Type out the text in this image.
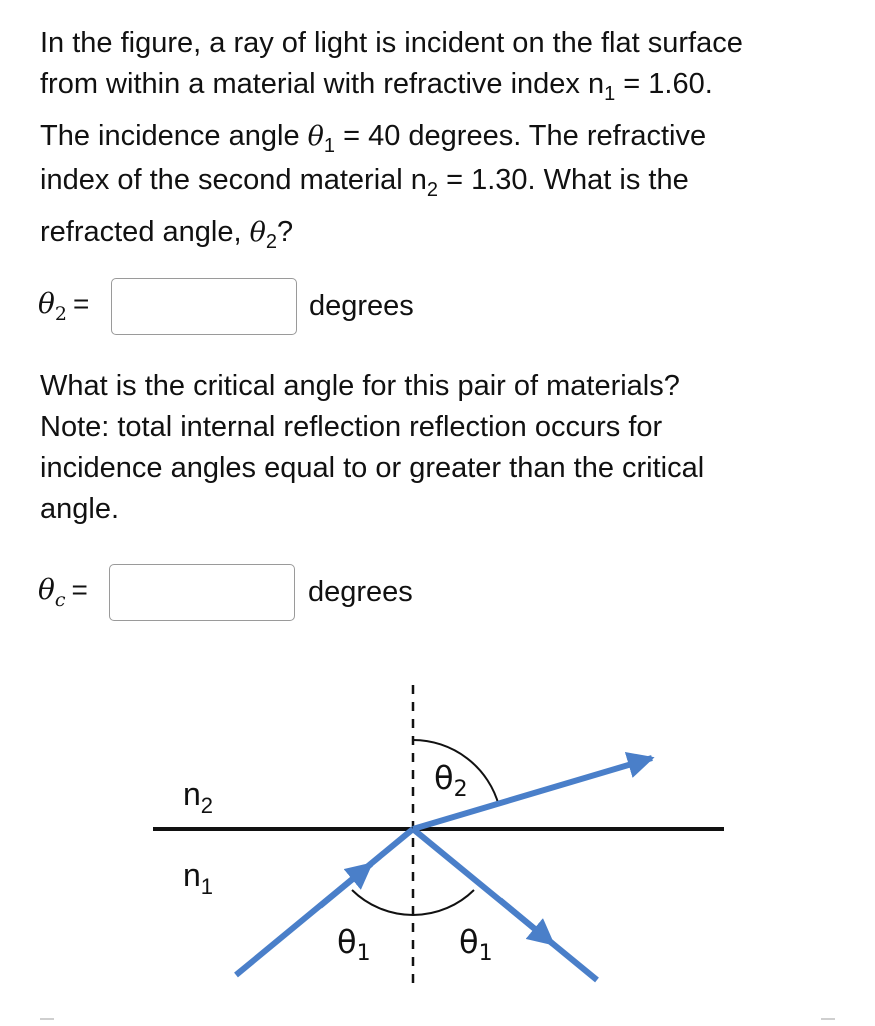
In the figure, a ray of light is incident on the flat surface
from within a material with refractive index $n_1 = 1.60$.
The incidence angle $\theta_1 = 40$ degrees. The refractive
index of the second material $n_2 = 1.30$. What is the
refracted angle, $\theta_2$?
$\theta_2$ =	degrees
What is the critical angle for this pair of materials?
Note: total internal reflection reflection occurs for
incidence angles equal to or greater than the critical
angle.
$\theta_c$ =	degrees
$n_2$
$n_1$
$\theta_2$
$\theta_1$	$\theta_1$
